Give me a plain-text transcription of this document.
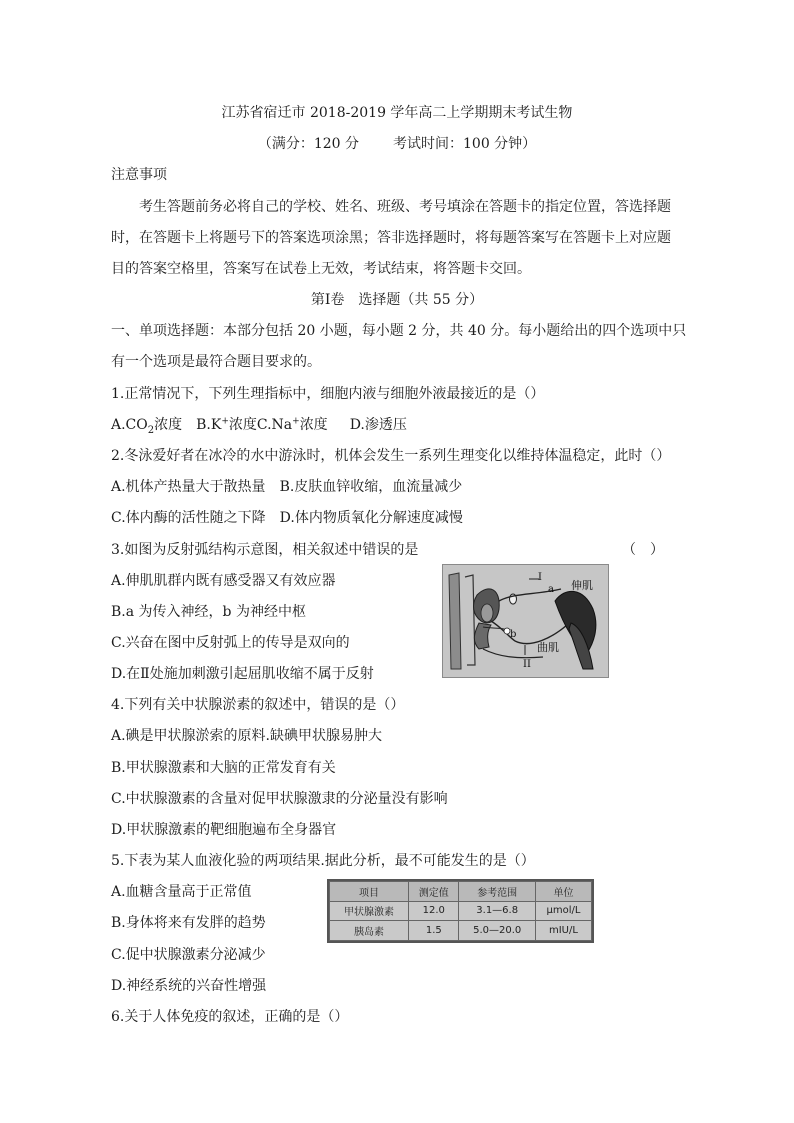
江苏省宿迁市 2018-2019 学年高二上学期期末考试生物
（满分：120 分 考试时间：100 分钟）
注意事项
考生答题前务必将自己的学校、姓名、班级、考号填涂在答题卡的指定位置，答选择题
时，在答题卡上将题号下的答案选项涂黑；答非选择题时，将每题答案写在答题卡上对应题
目的答案空格里，答案写在试卷上无效，考试结束，将答题卡交回。
第Ⅰ卷　选择题（共 55 分）
一、单项选择题：本部分包括 20 小题，每小题 2 分，共 40 分。每小题给出的四个选项中只
有一个选项是最符合题目要求的。
1.正常情况下，下列生理指标中，细胞内液与细胞外液最接近的是（）
$A.CO_2$浓度 B.K+浓度C.Na+浓度 D.渗透压
2.冬泳爱好者在冰冷的水中游泳时，机体会发生一系列生理变化以维持体温稳定，此时（）
A.机体产热量大于散热量 B.皮肤血锌收缩，血流量减少
C.体内酶的活性随之下降 D.体内物质氧化分解速度减慢
3.如图为反射弧结构示意图，相关叙述中错误的是	（　）
A.伸肌肌群内既有感受器又有效应器
B.a 为传入神经，b 为神经中枢
C.兴奋在图中反射弧上的传导是双向的
D.在Ⅱ处施加刺激引起屈肌收缩不属于反射
I
a
b
II
伸肌
曲肌
4.下列有关中状腺淤素的叙述中，错误的是（）
A.碘是甲状腺淤索的原料.缺碘甲状腺易肿大
B.甲状腺激素和大脑的正常发育有关
C.中状腺激素的含量对促甲状腺激隶的分泌量没有影响
D.甲状腺激素的靶细胞遍布全身器官
5.下表为某人血液化验的两项结果.据此分析，最不可能发生的是（）
A.血糖含量高于正常值
B.身体将来有发胖的趋势
C.促中状腺激素分泌减少
D.神经系统的兴奋性增强
项目	测定值	参考范围	单位
甲状腺激素	12.0	3.1—6.8	μmol/L
胰岛素	1.5	5.0—20.0	mIU/L
6.关于人体免疫的叙述，正确的是（）
